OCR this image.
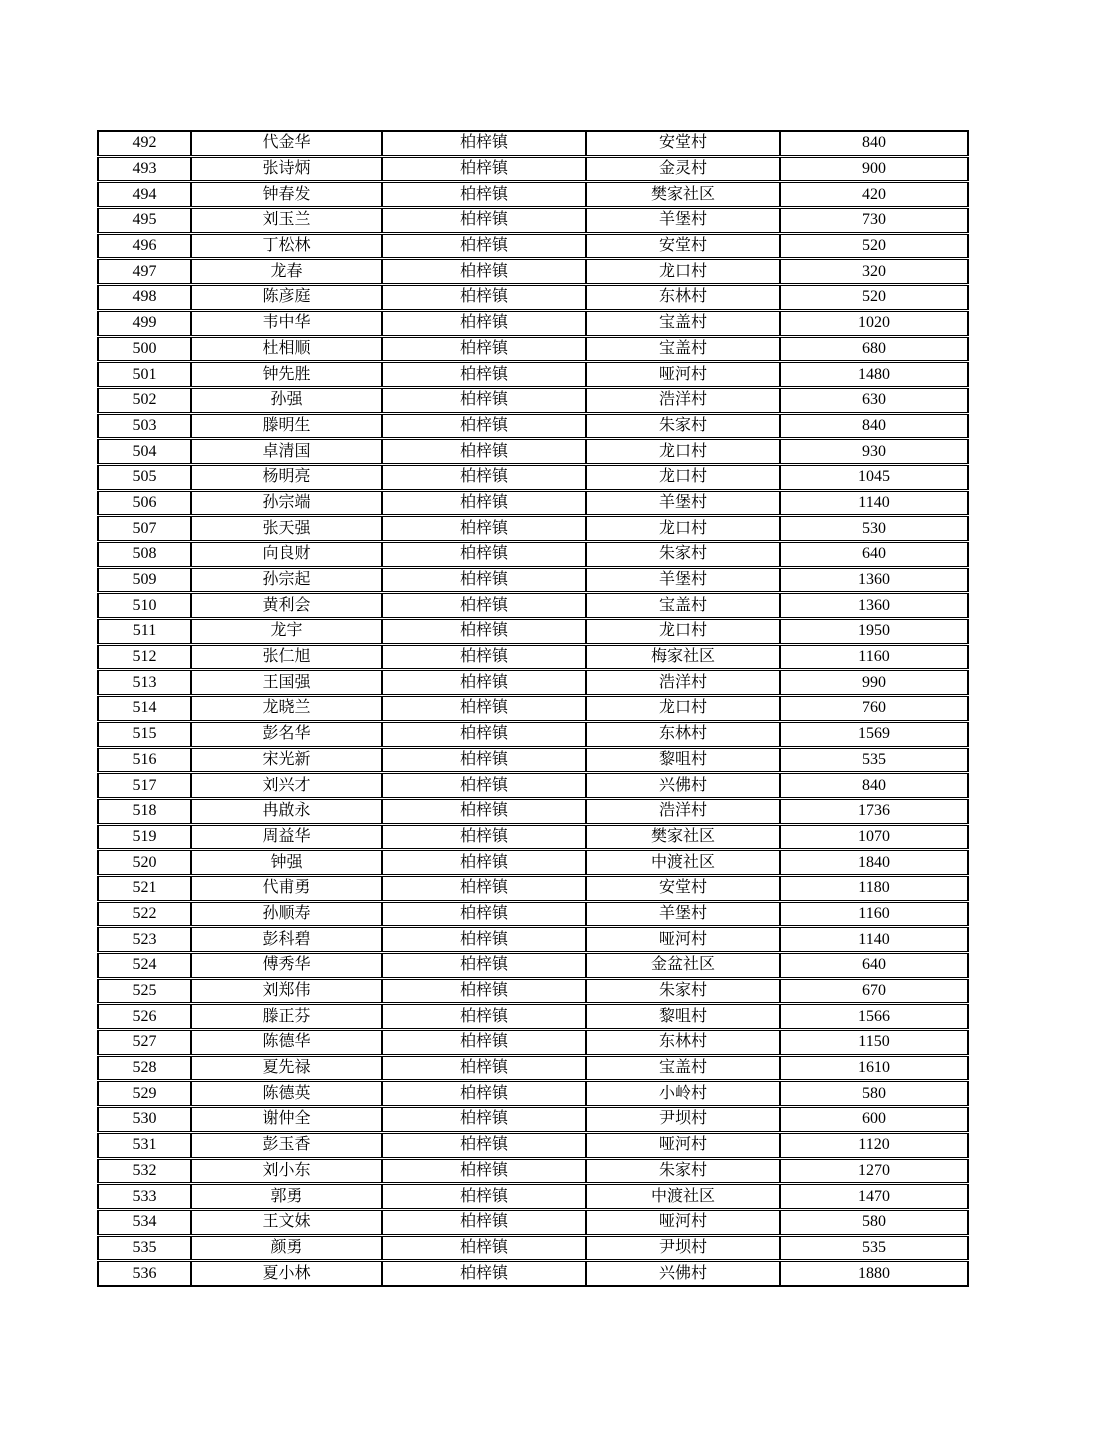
492	代金华	柏梓镇	安堂村	840
493	张诗炳	柏梓镇	金灵村	900
494	钟春发	柏梓镇	樊家社区	420
495	刘玉兰	柏梓镇	羊堡村	730
496	丁松林	柏梓镇	安堂村	520
497	龙春	柏梓镇	龙口村	320
498	陈彦庭	柏梓镇	东林村	520
499	韦中华	柏梓镇	宝盖村	1020
500	杜相顺	柏梓镇	宝盖村	680
501	钟先胜	柏梓镇	哑河村	1480
502	孙强	柏梓镇	浩洋村	630
503	滕明生	柏梓镇	朱家村	840
504	卓清国	柏梓镇	龙口村	930
505	杨明亮	柏梓镇	龙口村	1045
506	孙宗端	柏梓镇	羊堡村	1140
507	张天强	柏梓镇	龙口村	530
508	向良财	柏梓镇	朱家村	640
509	孙宗起	柏梓镇	羊堡村	1360
510	黄利会	柏梓镇	宝盖村	1360
511	龙宇	柏梓镇	龙口村	1950
512	张仁旭	柏梓镇	梅家社区	1160
513	王国强	柏梓镇	浩洋村	990
514	龙晓兰	柏梓镇	龙口村	760
515	彭名华	柏梓镇	东林村	1569
516	宋光新	柏梓镇	黎咀村	535
517	刘兴才	柏梓镇	兴佛村	840
518	冉啟永	柏梓镇	浩洋村	1736
519	周益华	柏梓镇	樊家社区	1070
520	钟强	柏梓镇	中渡社区	1840
521	代甫勇	柏梓镇	安堂村	1180
522	孙顺寿	柏梓镇	羊堡村	1160
523	彭科碧	柏梓镇	哑河村	1140
524	傅秀华	柏梓镇	金盆社区	640
525	刘郑伟	柏梓镇	朱家村	670
526	滕正芬	柏梓镇	黎咀村	1566
527	陈德华	柏梓镇	东林村	1150
528	夏先禄	柏梓镇	宝盖村	1610
529	陈德英	柏梓镇	小岭村	580
530	谢仲全	柏梓镇	尹坝村	600
531	彭玉香	柏梓镇	哑河村	1120
532	刘小东	柏梓镇	朱家村	1270
533	郭勇	柏梓镇	中渡社区	1470
534	王文妹	柏梓镇	哑河村	580
535	颜勇	柏梓镇	尹坝村	535
536	夏小林	柏梓镇	兴佛村	1880
